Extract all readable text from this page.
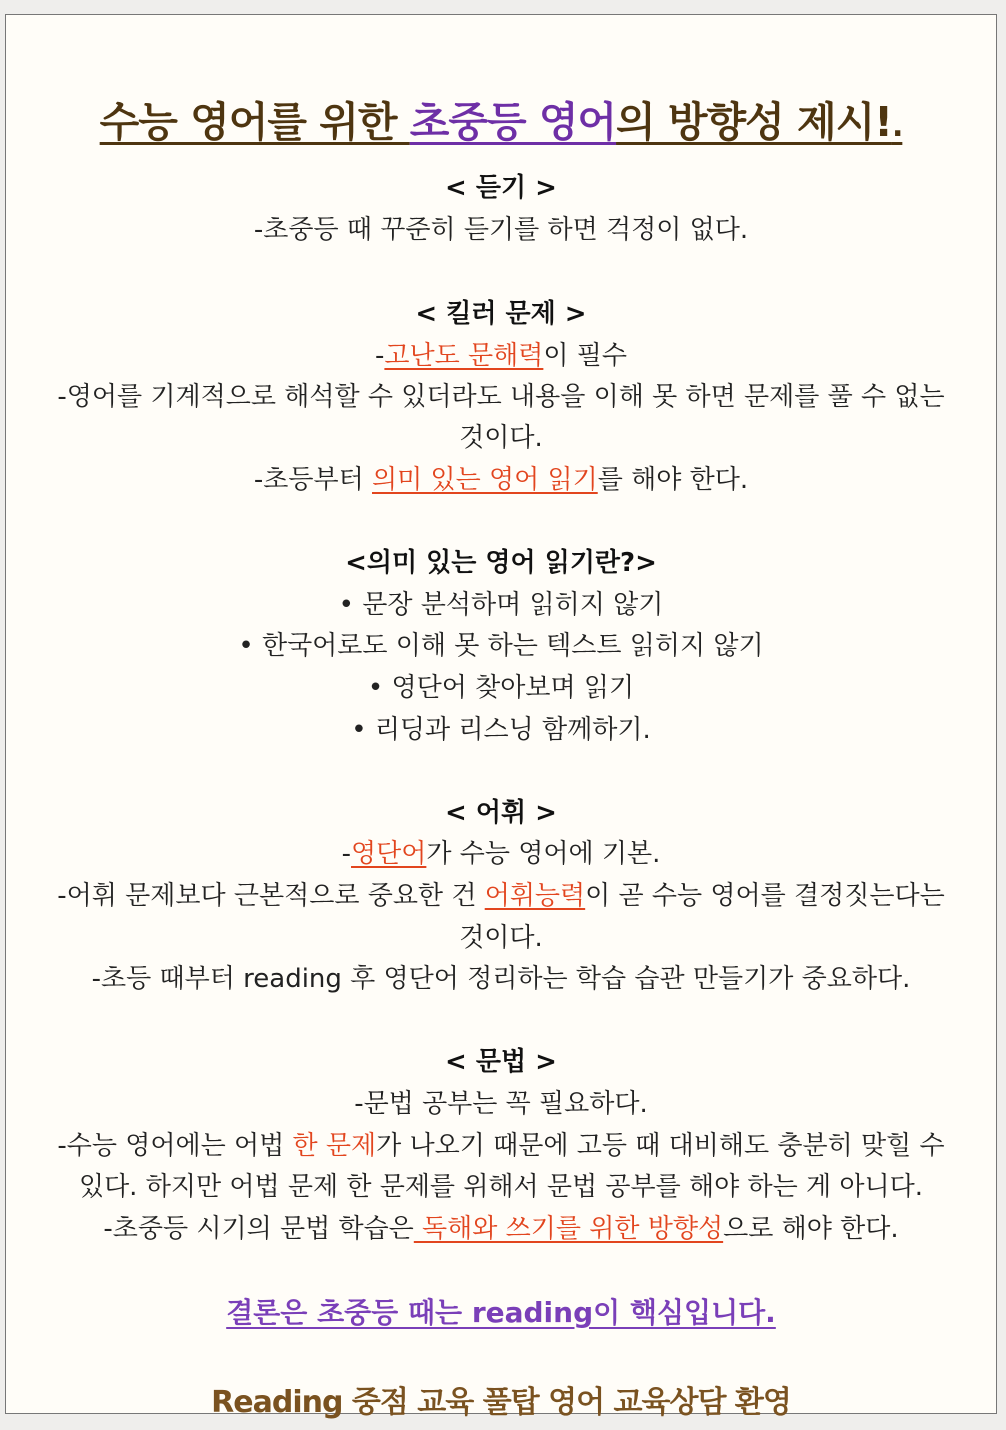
수능 영어를 위한 초중등 영어의 방향성 제시!.
< 듣기 >
-초중등 때 꾸준히 듣기를 하면 걱정이 없다.
< 킬러 문제 >
-고난도 문해력이 필수
-영어를 기계적으로 해석할 수 있더라도 내용을 이해 못 하면 문제를 풀 수 없는
것이다.
-초등부터 의미 있는 영어 읽기를 해야 한다.
<의미 있는 영어 읽기란?>
• 문장 분석하며 읽히지 않기
• 한국어로도 이해 못 하는 텍스트 읽히지 않기
• 영단어 찾아보며 읽기
• 리딩과 리스닝 함께하기.
< 어휘 >
-영단어가 수능 영어에 기본.
-어휘 문제보다 근본적으로 중요한 건 어휘능력이 곧 수능 영어를 결정짓는다는
것이다.
-초등 때부터 reading 후 영단어 정리하는 학습 습관 만들기가 중요하다.
< 문법 >
-문법 공부는 꼭 필요하다.
-수능 영어에는 어법 한 문제가 나오기 때문에 고등 때 대비해도 충분히 맞힐 수
있다. 하지만 어법 문제 한 문제를 위해서 문법 공부를 해야 하는 게 아니다.
-초중등 시기의 문법 학습은 독해와 쓰기를 위한 방향성으로 해야 한다.
결론은 초중등 때는 reading이 핵심입니다.
Reading 중점 교육 풀탑 영어 교육상담 환영
